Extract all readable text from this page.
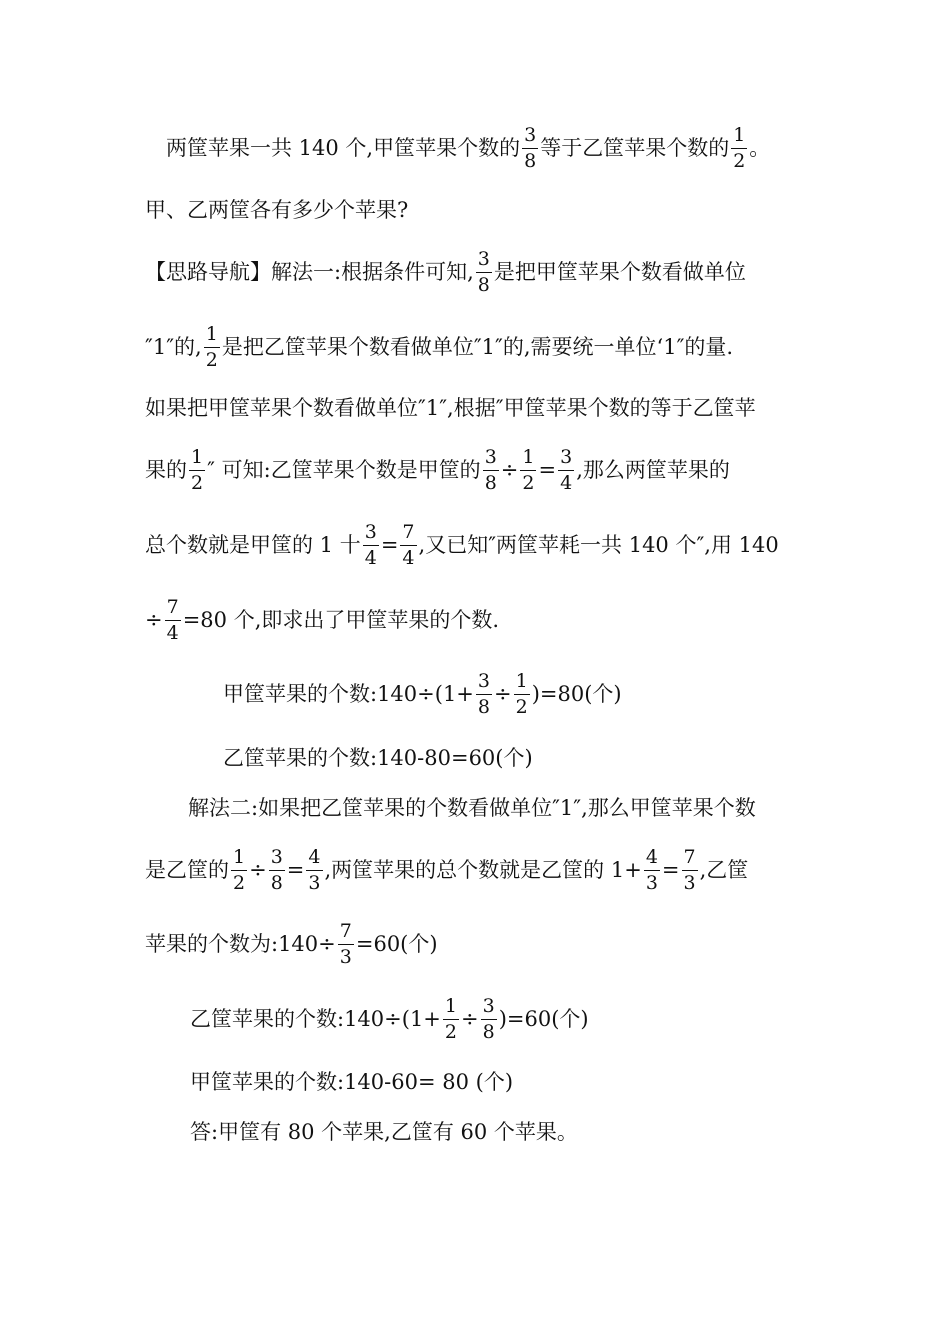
两筐苹果一共 140 个,甲筐苹果个数的 $\frac{3}{8}$ 等于乙筐苹果个数的 $\frac{1}{2}$ 。
甲、乙两筐各有多少个苹果?
【思路导航】解法一:根据条件可知, $\frac{3}{8}$ 是把甲筐苹果个数看做单位
″1″的, $\frac{1}{2}$ 是把乙筐苹果个数看做单位″1″的,需要统一单位‘1″的量.
如果把甲筐苹果个数看做单位″1″,根据″甲筐苹果个数的等于乙筐苹
果的 $\frac{1}{2}$ ″ 可知:乙筐苹果个数是甲筐的 $\frac{3}{8} \div \frac{1}{2} = \frac{3}{4}$ ,那么两筐苹果的
总个数就是甲筐的 1 十 $\frac{3}{4} = \frac{7}{4}$ ,又已知″两筐苹耗一共 140 个″,用 140
÷ $\frac{7}{4} =80$ 个,即求出了甲筐苹果的个数.
甲筐苹果的个数:140÷(1+ $\frac{3}{8} \div \frac{1}{2} )=80$(个)
乙筐苹果的个数:140-80=60(个)
解法二:如果把乙筐苹果的个数看做单位″1″,那么甲筐苹果个数
是乙筐的 $\frac{1}{2} \div \frac{3}{8} = \frac{4}{3}$ ,两筐苹果的总个数就是乙筐的 $1+ \frac{4}{3} = \frac{7}{3}$ ,乙筐
苹果的个数为:140÷ $\frac{7}{3} =60$(个)
乙筐苹果的个数:140÷(1+ $\frac{1}{2} \div \frac{3}{8} )=60$(个)
甲筐苹果的个数:140-60= 80 (个)
答:甲筐有 80 个苹果,乙筐有 60 个苹果。
